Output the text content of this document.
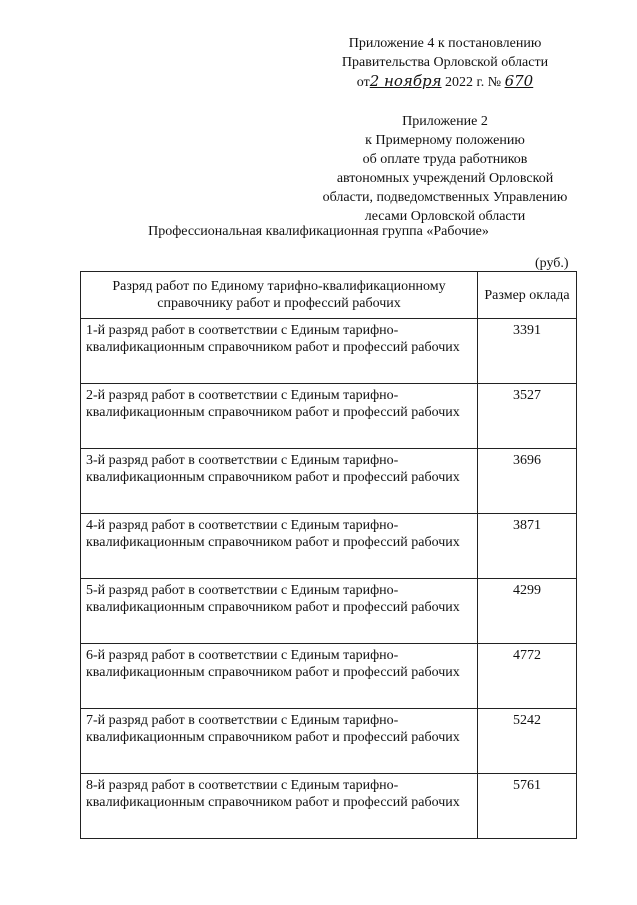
Приложение 4 к постановлению
Правительства Орловской области
от2 ноября 2022 г. № 670
Приложение 2
к Примерному положению
об оплате труда работников
автономных учреждений Орловской
области, подведомственных Управлению
лесами Орловской области
Профессиональная квалификационная группа «Рабочие»
(руб.)
Разряд работ по Единому тарифно-квалификационному справочнику работ и профессий рабочих	Размер оклада
1-й разряд работ в соответствии с Единым тарифно-квалификационным справочником работ и профессий рабочих	3391
2-й разряд работ в соответствии с Единым тарифно-квалификационным справочником работ и профессий рабочих	3527
3-й разряд работ в соответствии с Единым тарифно-квалификационным справочником работ и профессий рабочих	3696
4-й разряд работ в соответствии с Единым тарифно-квалификационным справочником работ и профессий рабочих	3871
5-й разряд работ в соответствии с Единым тарифно-квалификационным справочником работ и профессий рабочих	4299
6-й разряд работ в соответствии с Единым тарифно-квалификационным справочником работ и профессий рабочих	4772
7-й разряд работ в соответствии с Единым тарифно-квалификационным справочником работ и профессий рабочих	5242
8-й разряд работ в соответствии с Единым тарифно-квалификационным справочником работ и профессий рабочих	5761
